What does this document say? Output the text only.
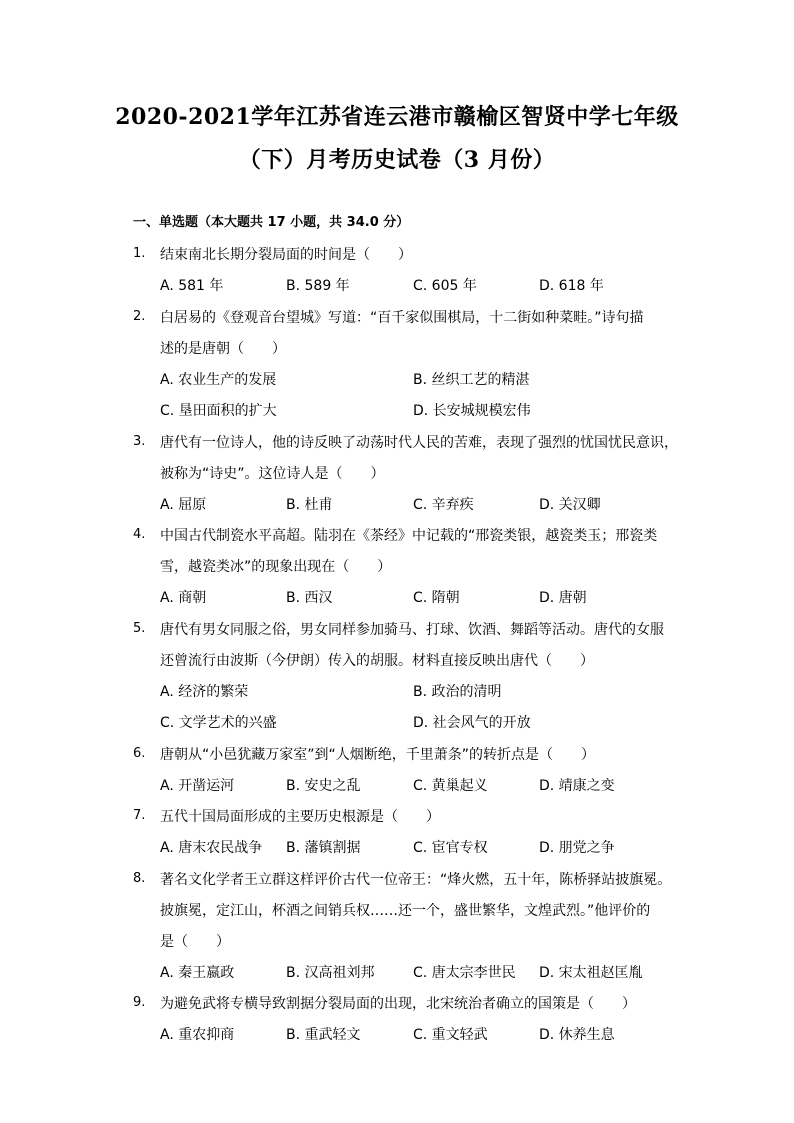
2020-2021学年江苏省连云港市赣榆区智贤中学七年级
（下）月考历史试卷（3 月份）
一、单选题（本大题共 17 小题，共 34.0 分）
1. 结束南北长期分裂局面的时间是（　　）
A. 581 年	B. 589 年	C. 605 年	D. 618 年
2. 白居易的《登观音台望城》写道：“百千家似围棋局，十二街如种菜畦。”诗句描
述的是唐朝（　　）
A. 农业生产的发展	B. 丝织工艺的精湛
C. 垦田面积的扩大	D. 长安城规模宏伟
3. 唐代有一位诗人，他的诗反映了动荡时代人民的苦难，表现了强烈的忧国忧民意识，
被称为“诗史”。这位诗人是（　　）
A. 屈原	B. 杜甫	C. 辛弃疾	D. 关汉卿
4. 中国古代制瓷水平高超。陆羽在《茶经》中记载的“邢瓷类银，越瓷类玉；邢瓷类
雪，越瓷类冰”的现象出现在（　　）
A. 商朝	B. 西汉	C. 隋朝	D. 唐朝
5. 唐代有男女同服之俗，男女同样参加骑马、打球、饮酒、舞蹈等活动。唐代的女服
还曾流行由波斯（今伊朗）传入的胡服。材料直接反映出唐代（　　）
A. 经济的繁荣	B. 政治的清明
C. 文学艺术的兴盛	D. 社会风气的开放
6. 唐朝从“小邑犹藏万家室”到“人烟断绝，千里萧条”的转折点是（　　）
A. 开凿运河	B. 安史之乱	C. 黄巢起义	D. 靖康之变
7. 五代十国局面形成的主要历史根源是（　　）
A. 唐末农民战争 B. 藩镇割据	C. 宦官专权	D. 朋党之争
8. 著名文化学者王立群这样评价古代一位帝王：“烽火燃，五十年，陈桥驿站披旗冕。
披旗冕，定江山，杯酒之间销兵权……还一个，盛世繁华，文煌武烈。”他评价的
是（　　）
A. 秦王嬴政	B. 汉高祖刘邦	C. 唐太宗李世民 D. 宋太祖赵匡胤
9. 为避免武将专横导致割据分裂局面的出现，北宋统治者确立的国策是（　　）
A. 重农抑商	B. 重武轻文	C. 重文轻武	D. 休养生息
